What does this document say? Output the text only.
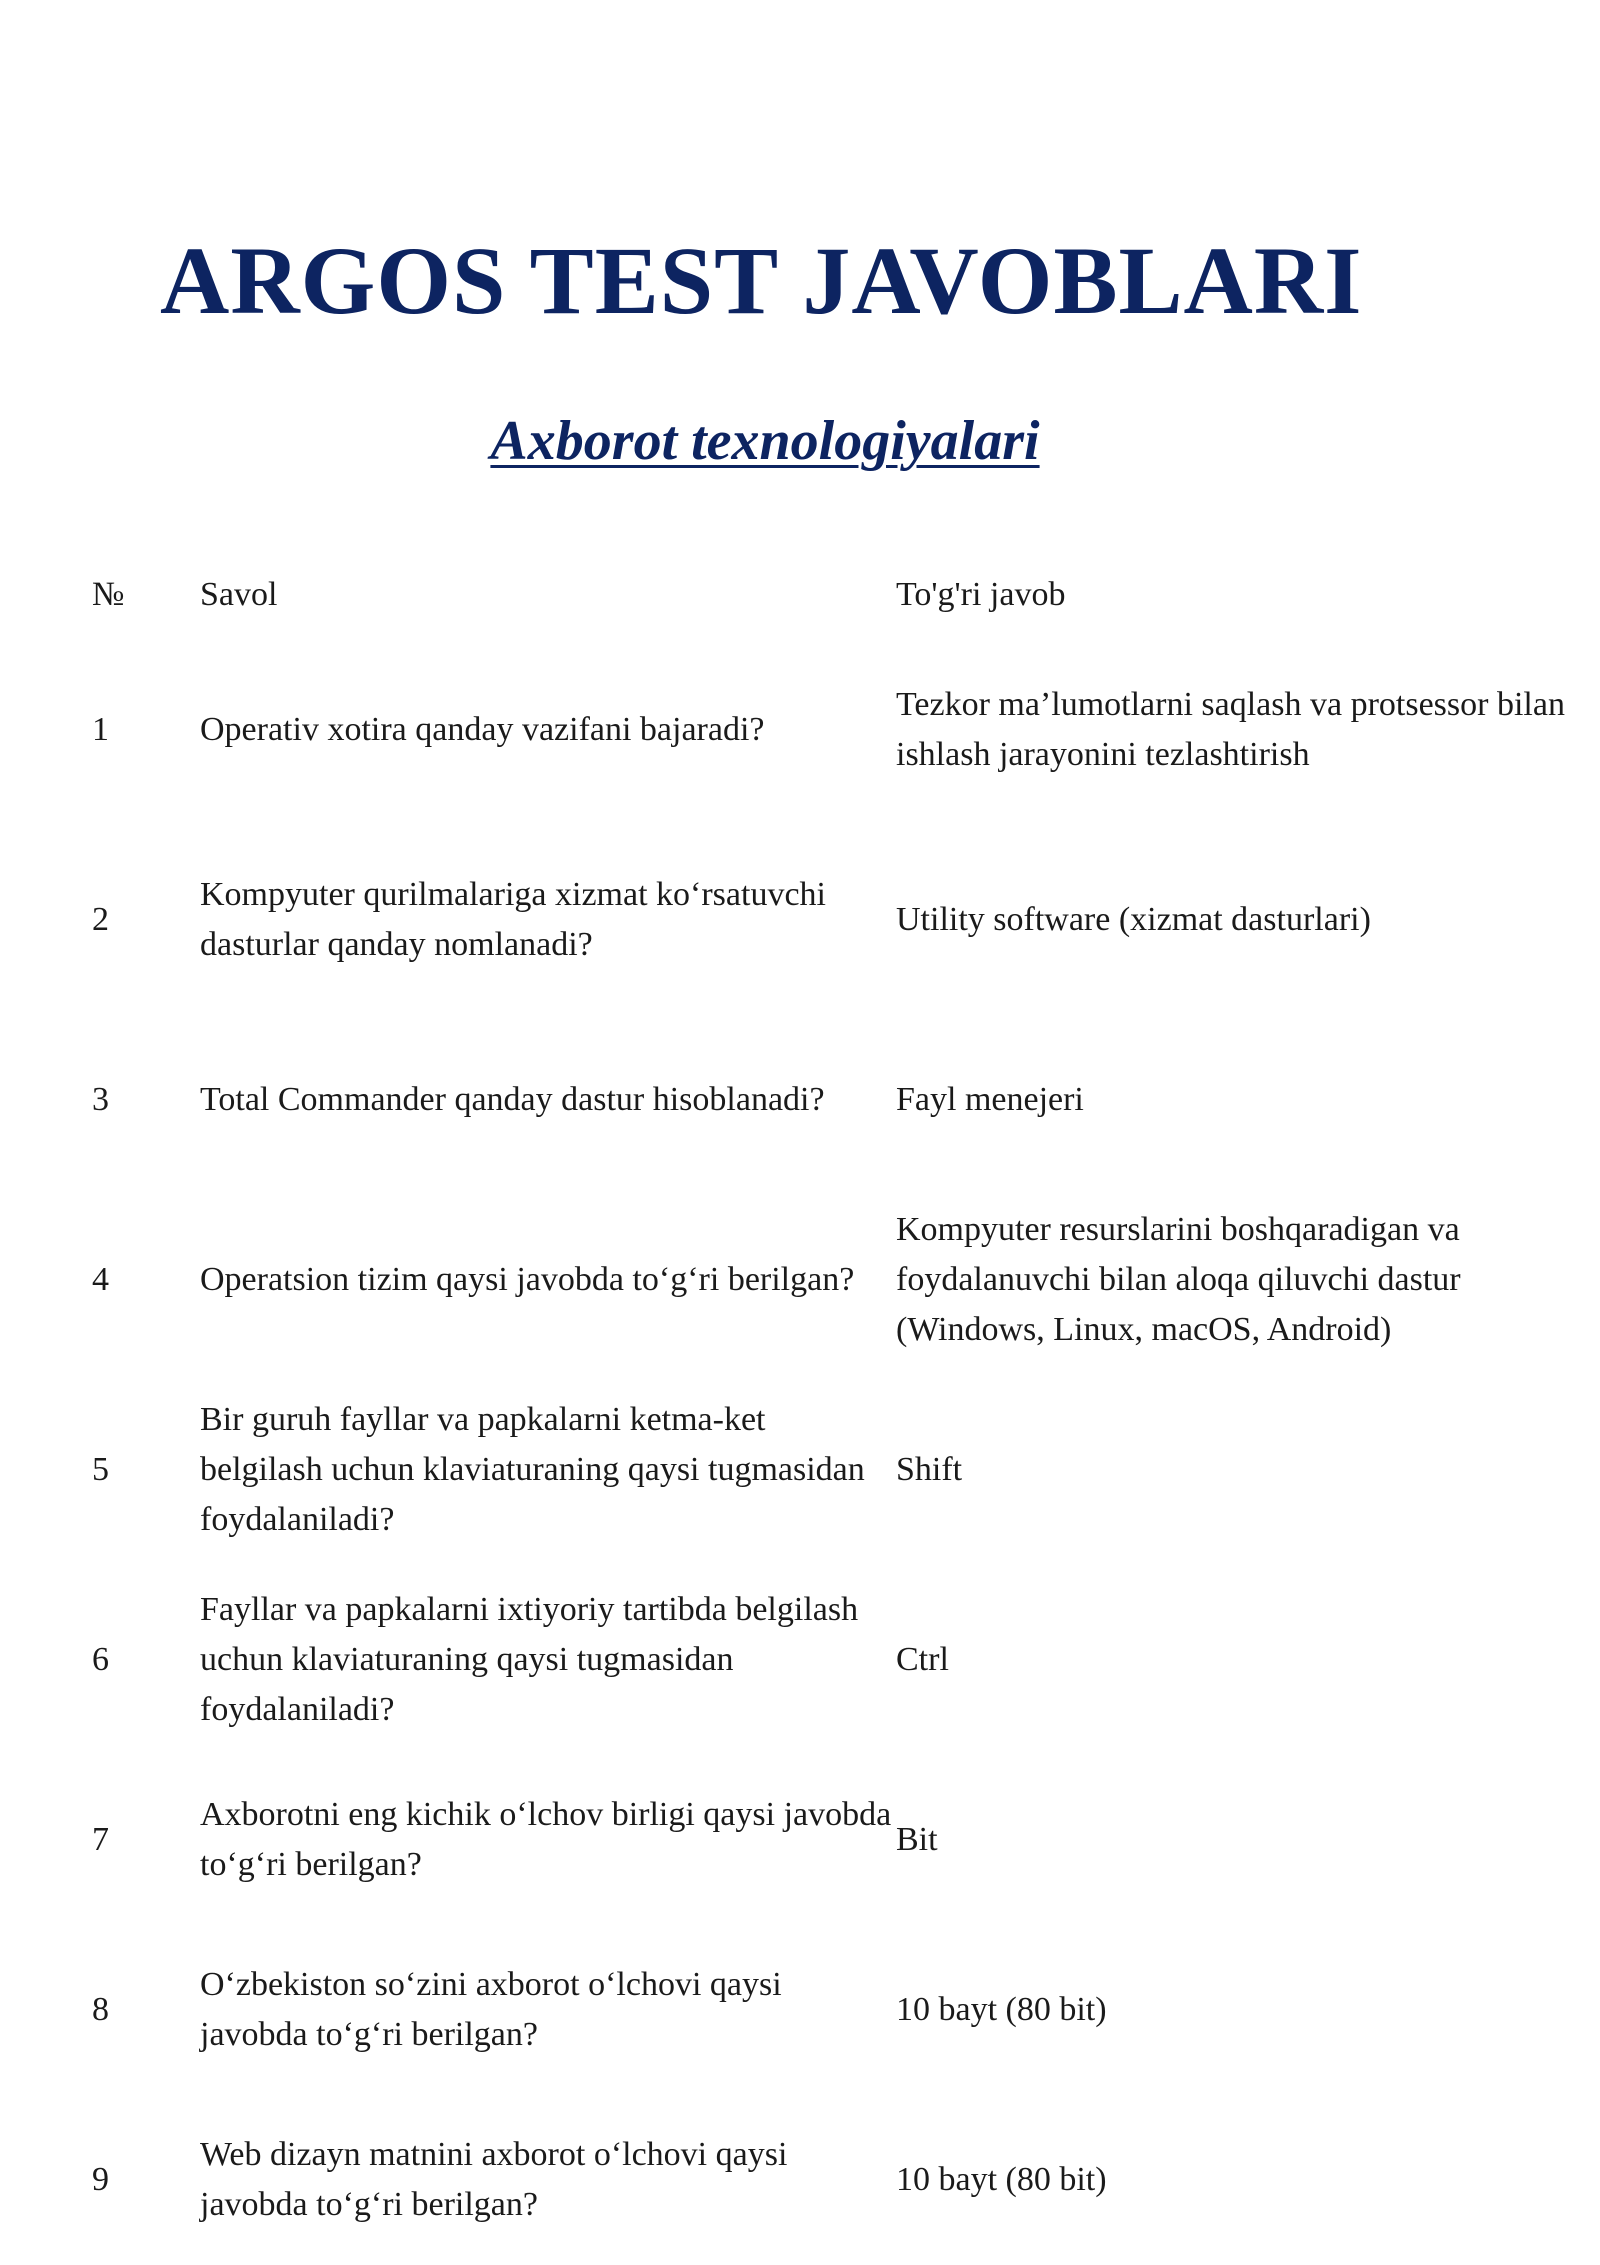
ARGOS TEST JAVOBLARI
Axborot texnologiyalari
№	Savol	To'g'ri javob
1	Operativ xotira qanday vazifani bajaradi?	Tezkor ma’lumotlarni saqlash va protsessor bilan ishlash jarayonini tezlashtirish
2	Kompyuter qurilmalariga xizmat ko‘rsatuvchi dasturlar qanday nomlanadi?	Utility software (xizmat dasturlari)
3	Total Commander qanday dastur hisoblanadi?	Fayl menejeri
4	Operatsion tizim qaysi javobda to‘g‘ri berilgan?	Kompyuter resurslarini boshqaradigan va foydalanuvchi bilan aloqa qiluvchi dastur (Windows, Linux, macOS, Android)
5	Bir guruh fayllar va papkalarni ketma-ket belgilash uchun klaviaturaning qaysi tugmasidan foydalaniladi?	Shift
6	Fayllar va papkalarni ixtiyoriy tartibda belgilash uchun klaviaturaning qaysi tugmasidan foydalaniladi?	Ctrl
7	Axborotni eng kichik o‘lchov birligi qaysi javobda to‘g‘ri berilgan?	Bit
8	O‘zbekiston so‘zini axborot o‘lchovi qaysi javobda to‘g‘ri berilgan?	10 bayt (80 bit)
9	Web dizayn matnini axborot o‘lchovi qaysi javobda to‘g‘ri berilgan?	10 bayt (80 bit)
